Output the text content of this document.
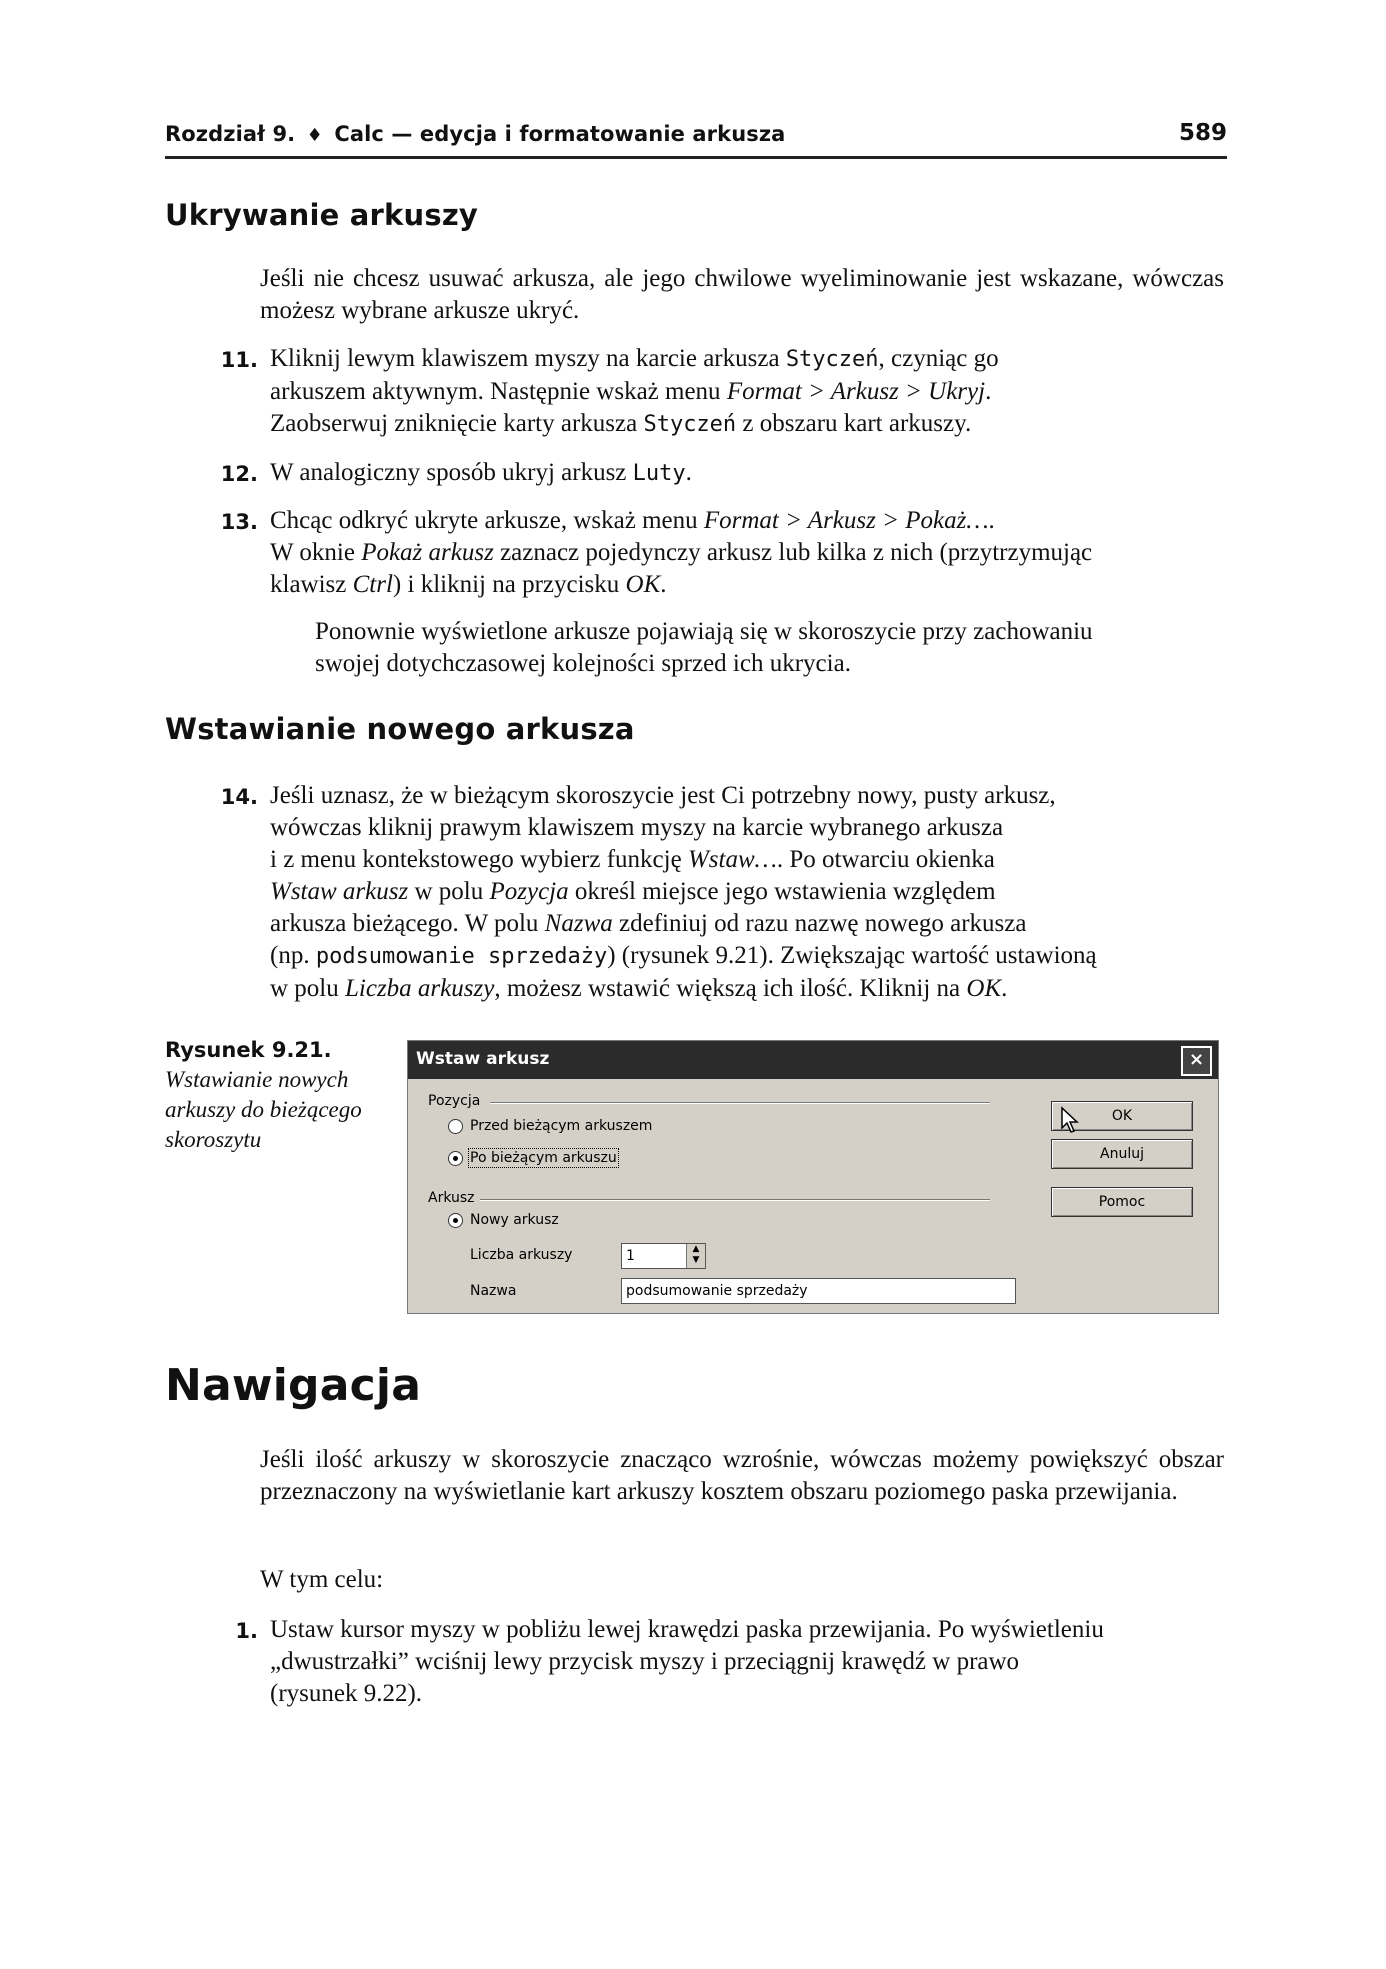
Rozdział 9. ♦ Calc — edycja i formatowanie arkusza	589
Ukrywanie arkuszy

Jeśli nie chcesz usuwać arkusza, ale jego chwilowe wyeliminowanie jest wskazane, wówczas możesz wybrane arkusze ukryć.

11. Kliknij lewym klawiszem myszy na karcie arkusza Styczeń, czyniąc go
arkuszem aktywnym. Następnie wskaż menu Format > Arkusz > Ukryj.
Zaobserwuj zniknięcie karty arkusza Styczeń z obszaru kart arkuszy.
12. W analogiczny sposób ukryj arkusz Luty.
13. Chcąc odkryć ukryte arkusze, wskaż menu Format > Arkusz > Pokaż….
W oknie Pokaż arkusz zaznacz pojedynczy arkusz lub kilka z nich (przytrzymując
klawisz Ctrl) i kliknij na przycisku OK.
Ponownie wyświetlone arkusze pojawiają się w skoroszycie przy zachowaniu
swojej dotychczasowej kolejności sprzed ich ukrycia.
Wstawianie nowego arkusza
14. Jeśli uznasz, że w bieżącym skoroszycie jest Ci potrzebny nowy, pusty arkusz,
wówczas kliknij prawym klawiszem myszy na karcie wybranego arkusza
i z menu kontekstowego wybierz funkcję Wstaw…. Po otwarciu okienka
Wstaw arkusz w polu Pozycja określ miejsce jego wstawienia względem
arkusza bieżącego. W polu Nazwa zdefiniuj od razu nazwę nowego arkusza
(np. podsumowanie sprzedaży) (rysunek 9.21). Zwiększając wartość ustawioną
w polu Liczba arkuszy, możesz wstawić większą ich ilość. Kliknij na OK.
Rysunek 9.21.
Wstawianie nowych
arkuszy do bieżącego
skoroszytu
Wstaw arkusz	×
Pozycja
Przed bieżącym arkuszem
Po bieżącym arkuszu
Arkusz
Nowy arkusz
Liczba arkuszy	1	▲
▼
Nazwa	podsumowanie sprzedaży
OK
Anuluj
Pomoc
Nawigacja

Jeśli ilość arkuszy w skoroszycie znacząco wzrośnie, wówczas możemy powiększyć obszar przeznaczony na wyświetlanie kart arkuszy kosztem obszaru poziomego paska przewijania.

W tym celu:

1. Ustaw kursor myszy w pobliżu lewej krawędzi paska przewijania. Po wyświetleniu
„dwustrzałki” wciśnij lewy przycisk myszy i przeciągnij krawędź w prawo
(rysunek 9.22).
